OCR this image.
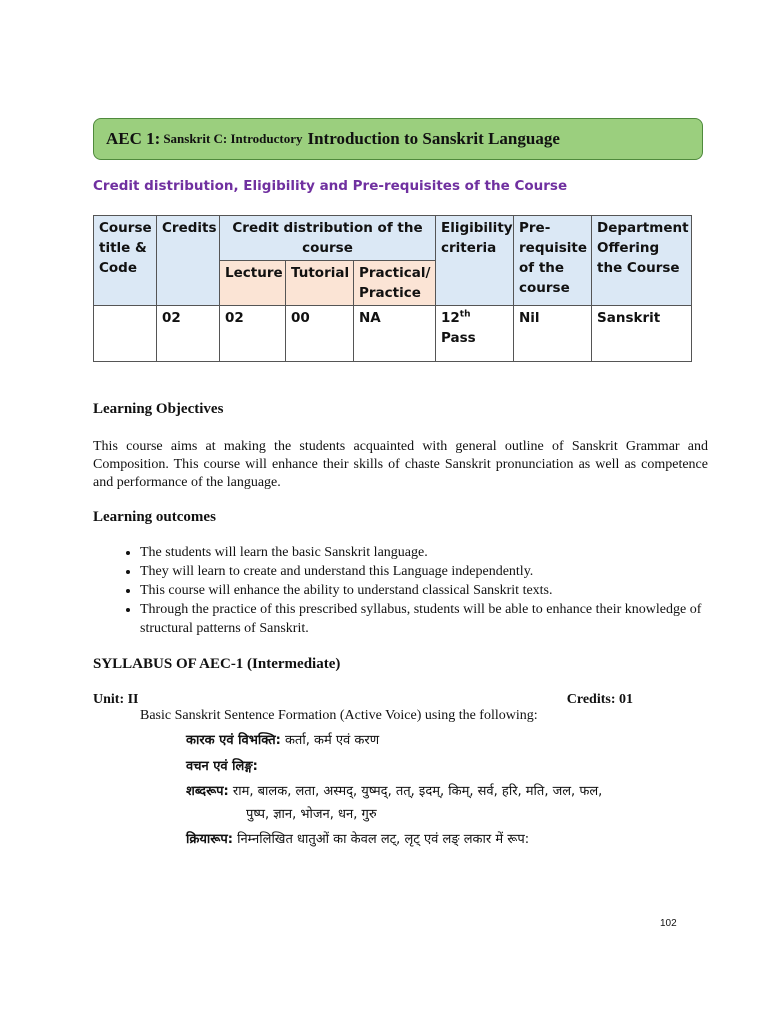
AEC 1: Sanskrit C: Introductory Introduction to Sanskrit Language
Credit distribution, Eligibility and Pre-requisites of the Course
Course title & Code	Credits	Credit distribution of the course			Eligibility criteria	Pre-requisite of the course	Department Offering the Course
		Lecture	Tutorial	Practical/ Practice			
	02	02	00	NA	12th Pass	Nil	Sanskrit
Learning Objectives
This course aims at making the students acquainted with general outline of Sanskrit Grammar and Composition. This course will enhance their skills of chaste Sanskrit pronunciation as well as competence and performance of the language.
Learning outcomes
• The students will learn the basic Sanskrit language.
• They will learn to create and understand this Language independently.
• This course will enhance the ability to understand classical Sanskrit texts.
• Through the practice of this prescribed syllabus, students will be able to enhance their knowledge of structural patterns of Sanskrit.
SYLLABUS OF AEC-1 (Intermediate)
Unit: II	Credits: 01
Basic Sanskrit Sentence Formation (Active Voice) using the following:
कारक एवं विभक्ति: कर्ता, कर्म एवं करण
वचन एवं लिङ्ग:
शब्दरूप: राम, बालक, लता, अस्मद्, युष्मद्, तत्, इदम्, किम्, सर्व, हरि, मति, जल, फल,
पुष्प, ज्ञान, भोजन, धन, गुरु
क्रियारूप: निम्नलिखित धातुओं का केवल लट्, लृट् एवं लङ् लकार में रूप:
102
